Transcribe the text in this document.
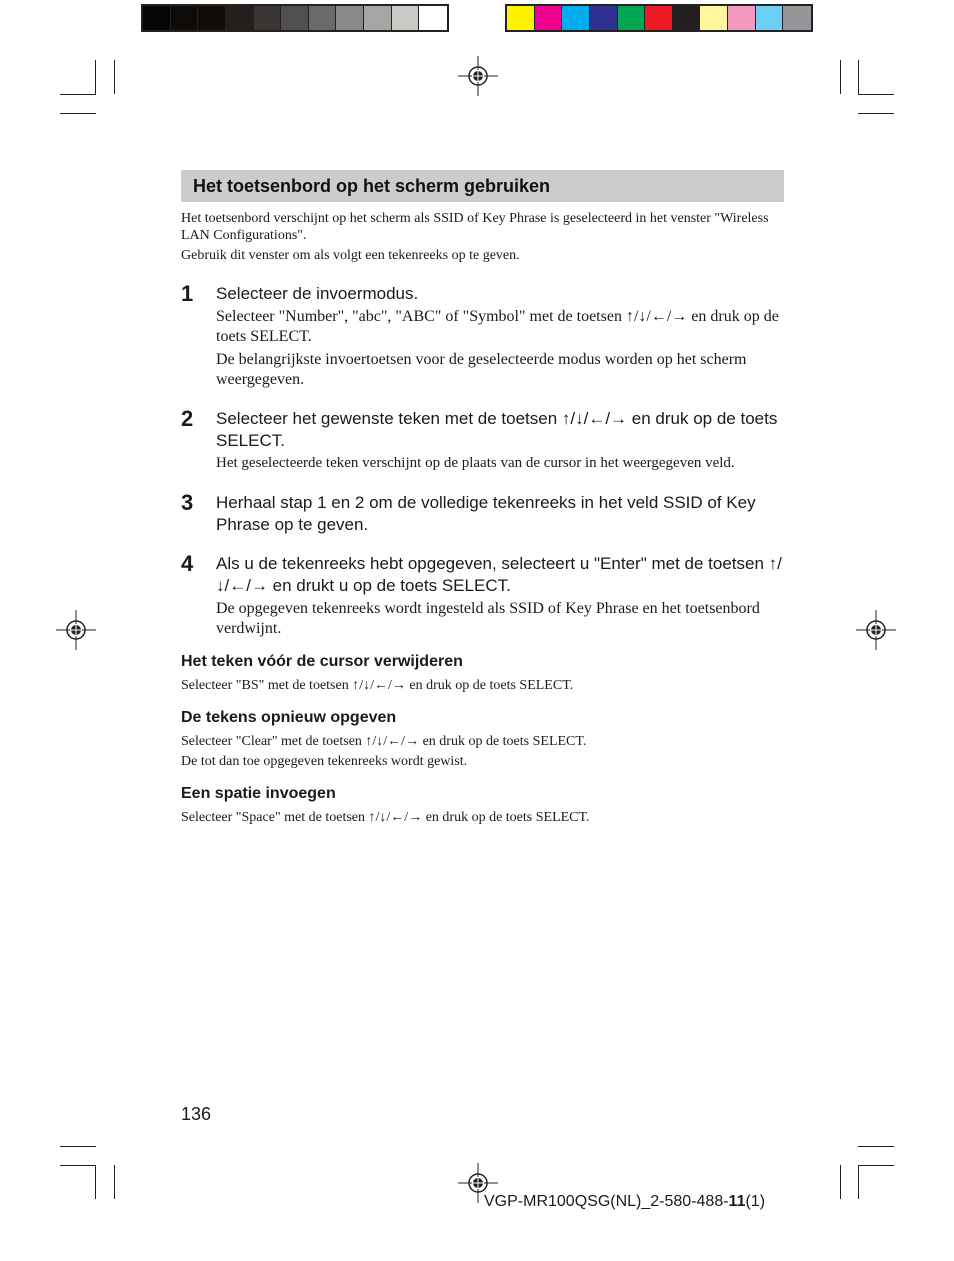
Het toetsenbord op het scherm gebruiken

Het toetsenbord verschijnt op het scherm als SSID of Key Phrase is geselecteerd in het venster "Wireless LAN Configurations".

Gebruik dit venster om als volgt een tekenreeks op te geven.

1 Selecteer de invoermodus.

Selecteer "Number", "abc", "ABC" of "Symbol" met de toetsen ↑/↓/←/→ en druk op de toets SELECT.

De belangrijkste invoertoetsen voor de geselecteerde modus worden op het scherm weergegeven.

2 Selecteer het gewenste teken met de toetsen ↑/↓/←/→ en druk op de toets SELECT.

Het geselecteerde teken verschijnt op de plaats van de cursor in het weergegeven veld.

3 Herhaal stap 1 en 2 om de volledige tekenreeks in het veld SSID of Key Phrase op te geven.

4 Als u de tekenreeks hebt opgegeven, selecteert u "Enter" met de toetsen ↑/↓/←/→ en drukt u op de toets SELECT.

De opgegeven tekenreeks wordt ingesteld als SSID of Key Phrase en het toetsenbord verdwijnt.

Het teken vóór de cursor verwijderen

Selecteer "BS" met de toetsen ↑/↓/←/→ en druk op de toets SELECT.

De tekens opnieuw opgeven

Selecteer "Clear" met de toetsen ↑/↓/←/→ en druk op de toets SELECT.

De tot dan toe opgegeven tekenreeks wordt gewist.

Een spatie invoegen

Selecteer "Space" met de toetsen ↑/↓/←/→ en druk op de toets SELECT.

136
VGP-MR100QSG(NL)_2-580-488-11(1)
